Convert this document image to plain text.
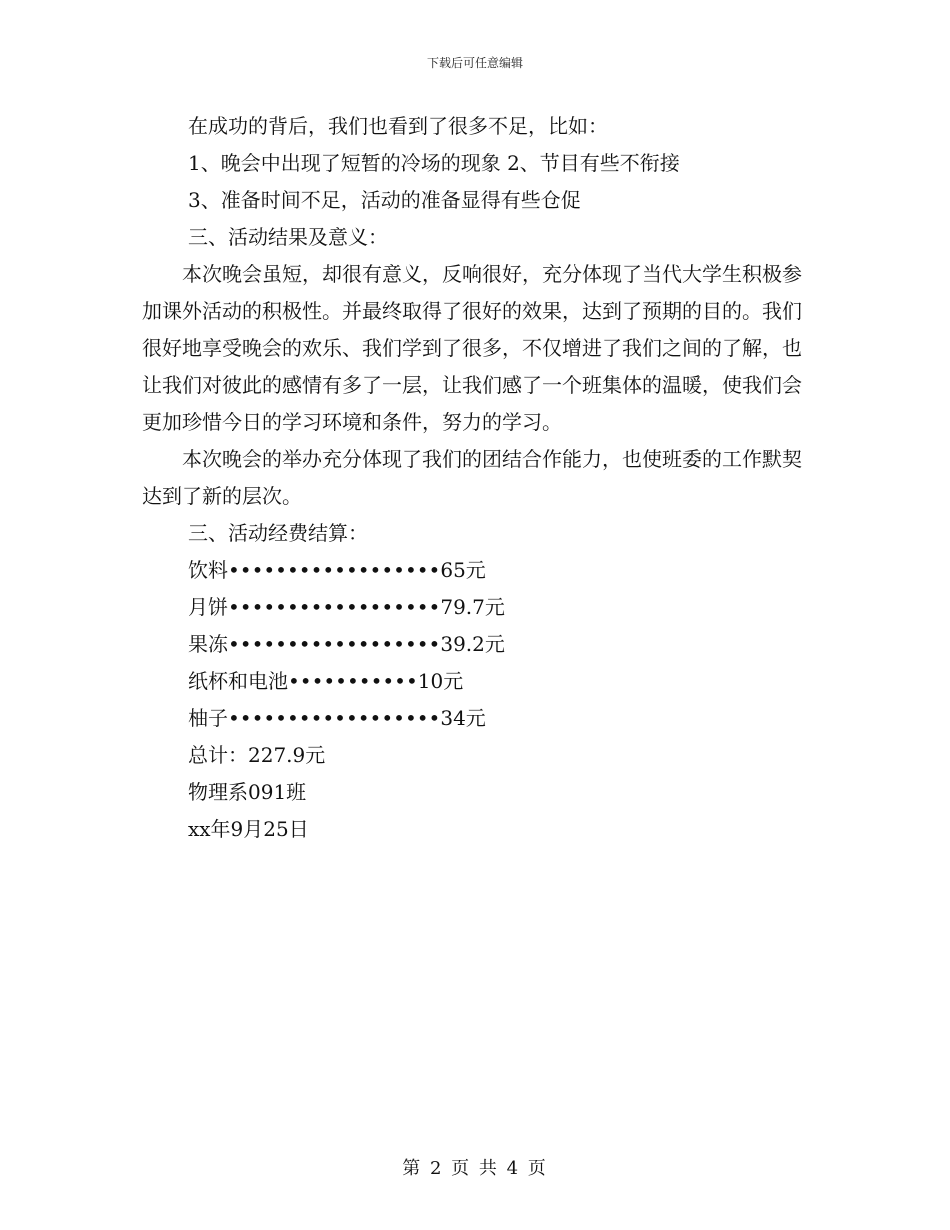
下载后可任意编辑
在成功的背后，我们也看到了很多不足，比如：
1、晚会中出现了短暂的冷场的现象 2、节目有些不衔接
3、准备时间不足，活动的准备显得有些仓促
三、活动结果及意义：
本次晚会虽短，却很有意义，反响很好，充分体现了当代大学生积极参加课外活动的积极性。并最终取得了很好的效果，达到了预期的目的。我们很好地享受晚会的欢乐、我们学到了很多，不仅增进了我们之间的了解，也让我们对彼此的感情有多了一层，让我们感了一个班集体的温暖，使我们会更加珍惜今日的学习环境和条件，努力的学习。
本次晚会的举办充分体现了我们的团结合作能力，也使班委的工作默契达到了新的层次。
三、活动经费结算：
饮料••••••••••••••••••65元
月饼••••••••••••••••••79.7元
果冻••••••••••••••••••39.2元
纸杯和电池•••••••••••10元
柚子••••••••••••••••••34元
总计：227.9元
物理系091班
xx年9月25日
第 2 页 共 4 页
